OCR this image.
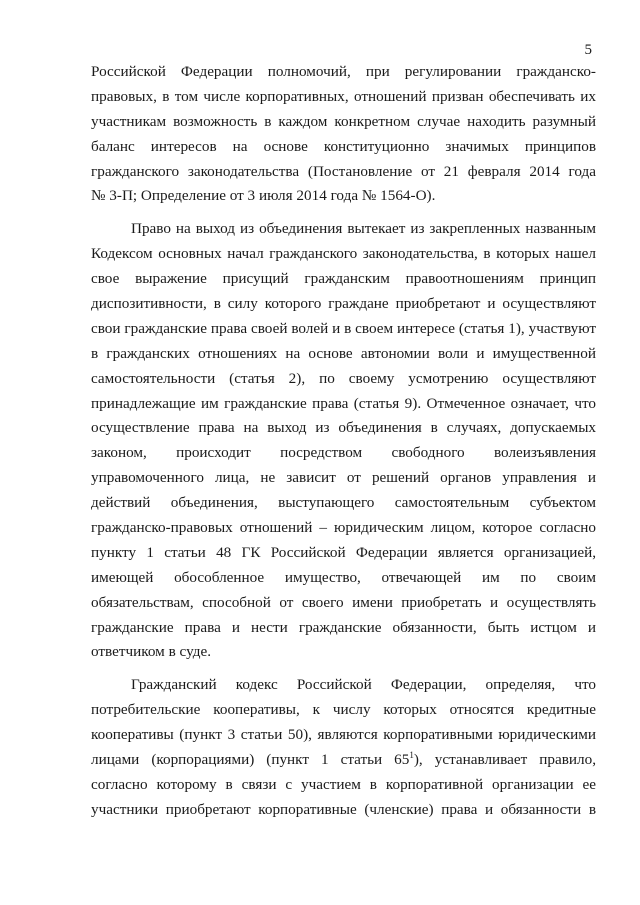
5
Российской Федерации полномочий, при регулировании гражданско-
правовых, в том числе корпоративных, отношений призван обеспечивать их
участникам возможность в каждом конкретном случае находить разумный
баланс интересов на основе конституционно значимых принципов
гражданского законодательства (Постановление от 21 февраля 2014 года
№ 3-П; Определение от 3 июля 2014 года № 1564-О).
Право на выход из объединения вытекает из закрепленных названным
Кодексом основных начал гражданского законодательства, в которых нашел
свое выражение присущий гражданским правоотношениям принцип
диспозитивности, в силу которого граждане приобретают и осуществляют
свои гражданские права своей волей и в своем интересе (статья 1), участвуют
в гражданских отношениях на основе автономии воли и имущественной
самостоятельности (статья 2), по своему усмотрению осуществляют
принадлежащие им гражданские права (статья 9). Отмеченное означает, что
осуществление права на выход из объединения в случаях, допускаемых
законом, происходит посредством свободного волеизъявления
управомоченного лица, не зависит от решений органов управления и
действий объединения, выступающего самостоятельным субъектом
гражданско-правовых отношений – юридическим лицом, которое согласно
пункту 1 статьи 48 ГК Российской Федерации является организацией,
имеющей обособленное имущество, отвечающей им по своим
обязательствам, способной от своего имени приобретать и осуществлять
гражданские права и нести гражданские обязанности, быть истцом и
ответчиком в суде.
Гражданский кодекс Российской Федерации, определяя, что
потребительские кооперативы, к числу которых относятся кредитные
кооперативы (пункт 3 статьи 50), являются корпоративными юридическими
лицами (корпорациями) (пункт 1 статьи $65^1$), устанавливает правило,
согласно которому в связи с участием в корпоративной организации ее
участники приобретают корпоративные (членские) права и обязанности в
